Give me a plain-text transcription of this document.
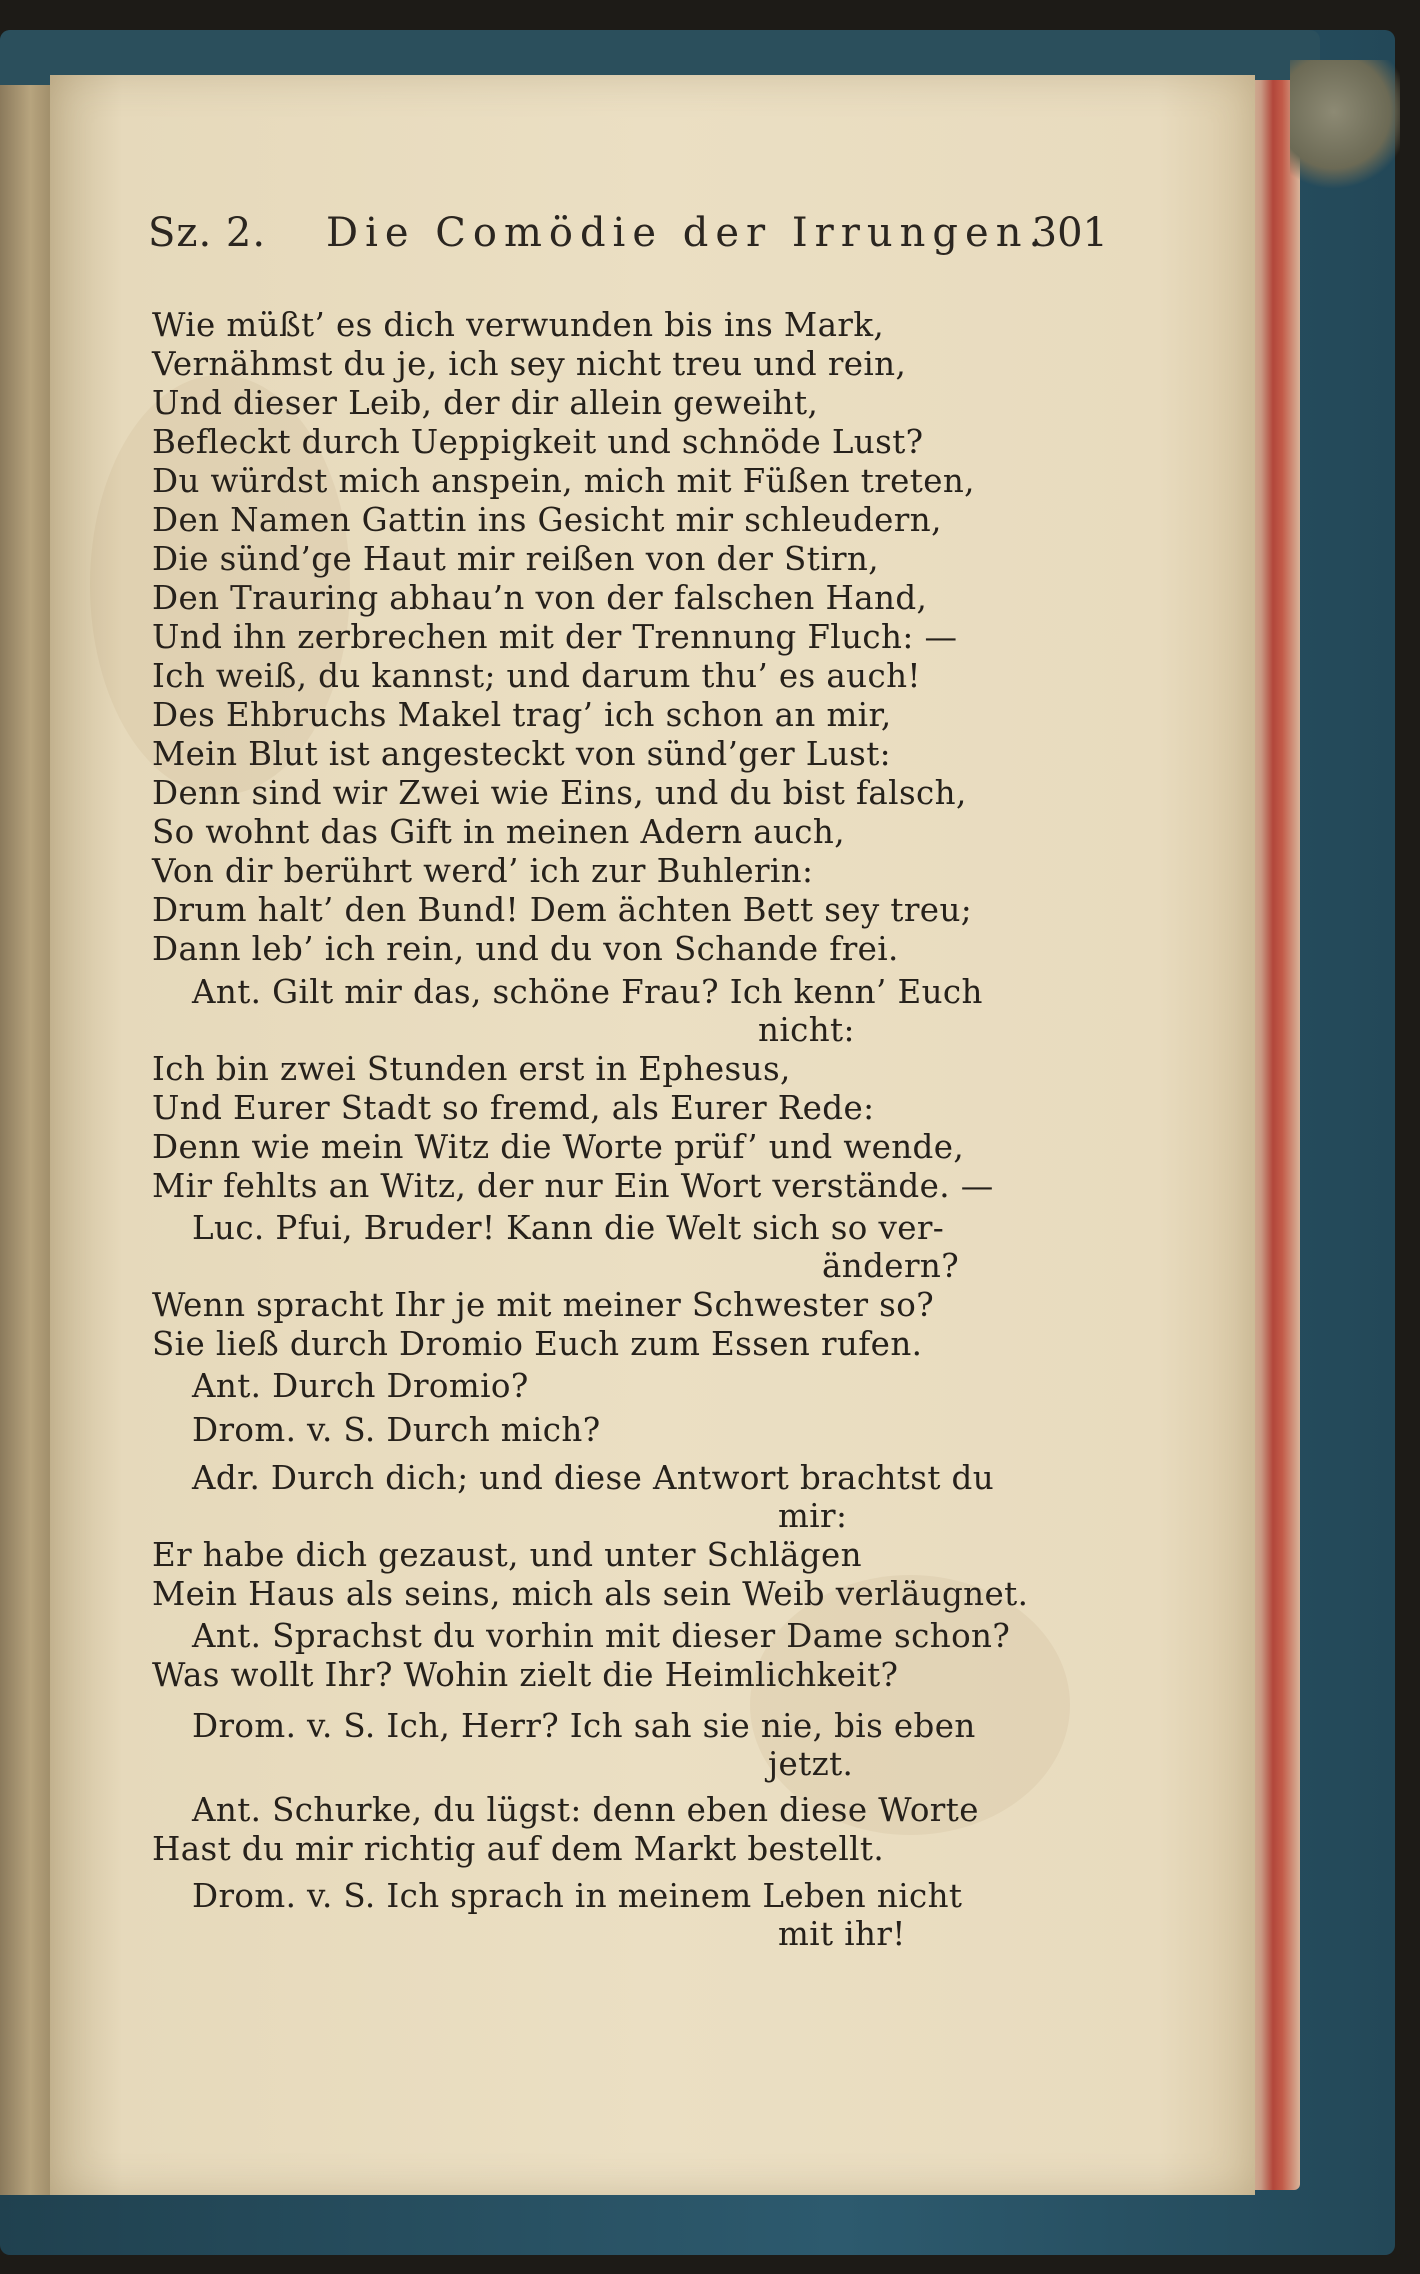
Sz. 2. Die Comödie der Irrungen.
301
Wie müßt’ es dich verwunden bis ins Mark,
Vernähmst du je, ich sey nicht treu und rein,
Und dieser Leib, der dir allein geweiht,
Befleckt durch Ueppigkeit und schnöde Lust?
Du würdst mich anspein, mich mit Füßen treten,
Den Namen Gattin ins Gesicht mir schleudern,
Die sünd’ge Haut mir reißen von der Stirn,
Den Trauring abhau’n von der falschen Hand,
Und ihn zerbrechen mit der Trennung Fluch: —
Ich weiß, du kannst; und darum thu’ es auch!
Des Ehbruchs Makel trag’ ich schon an mir,
Mein Blut ist angesteckt von sünd’ger Lust:
Denn sind wir Zwei wie Eins, und du bist falsch,
So wohnt das Gift in meinen Adern auch,
Von dir berührt werd’ ich zur Buhlerin:
Drum halt’ den Bund! Dem ächten Bett sey treu;
Dann leb’ ich rein, und du von Schande frei.
Ant. Gilt mir das, schöne Frau? Ich kenn’ Euch
nicht:
Ich bin zwei Stunden erst in Ephesus,
Und Eurer Stadt so fremd, als Eurer Rede:
Denn wie mein Witz die Worte prüf’ und wende,
Mir fehlts an Witz, der nur Ein Wort verstände. —
Luc. Pfui, Bruder! Kann die Welt sich so ver-
ändern?
Wenn spracht Ihr je mit meiner Schwester so?
Sie ließ durch Dromio Euch zum Essen rufen.
Ant. Durch Dromio?
Drom. v. S. Durch mich?
Adr. Durch dich; und diese Antwort brachtst du
mir:
Er habe dich gezaust, und unter Schlägen
Mein Haus als seins, mich als sein Weib verläugnet.
Ant. Sprachst du vorhin mit dieser Dame schon?
Was wollt Ihr? Wohin zielt die Heimlichkeit?
Drom. v. S. Ich, Herr? Ich sah sie nie, bis eben
jetzt.
Ant. Schurke, du lügst: denn eben diese Worte
Hast du mir richtig auf dem Markt bestellt.
Drom. v. S. Ich sprach in meinem Leben nicht
mit ihr!
